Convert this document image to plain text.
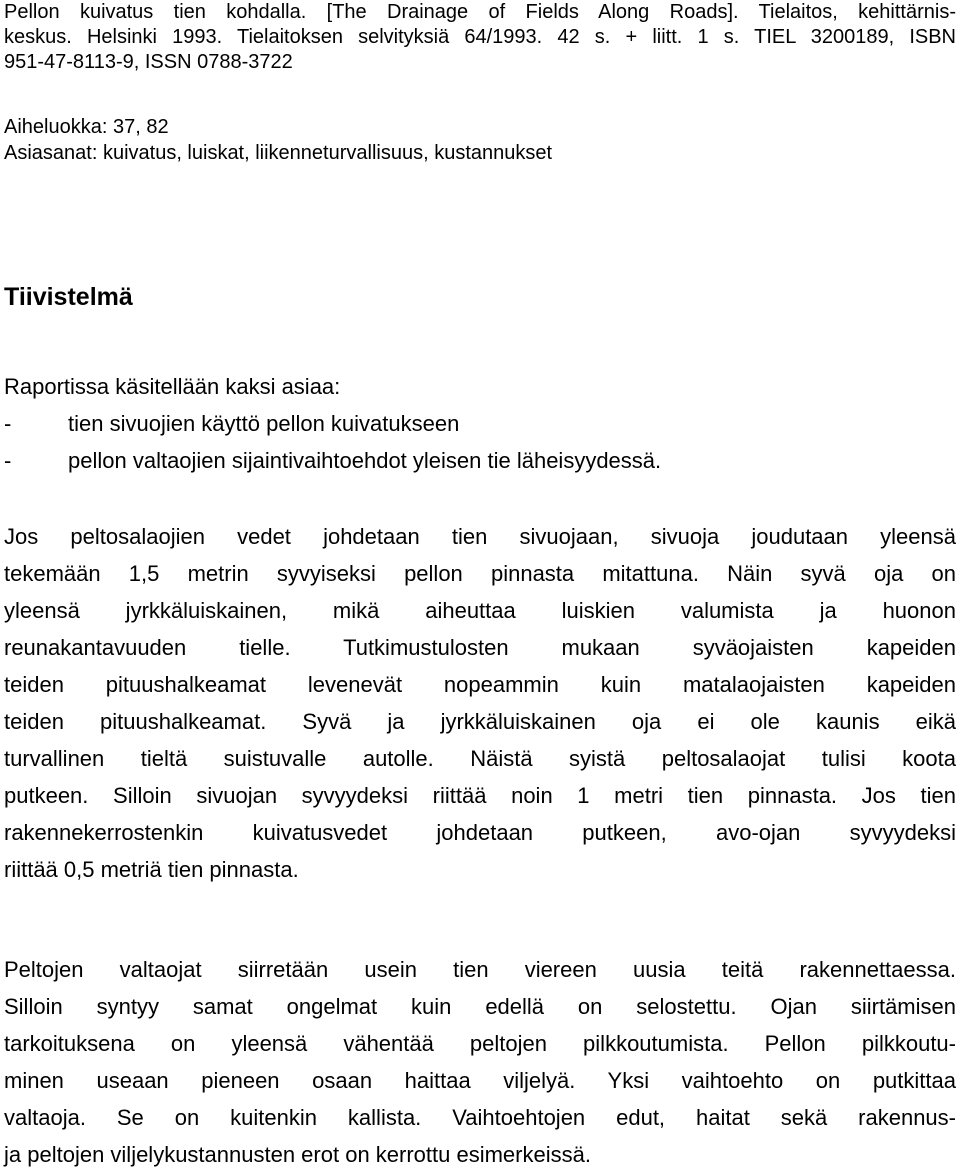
Pellon kuivatus tien kohdalla. [The Drainage of Fields Along Roads]. Tielaitos, kehittärnis-
keskus. Helsinki 1993. Tielaitoksen selvityksiä 64/1993. 42 s. + liitt. 1 s. TIEL 3200189, ISBN
951-47-8113-9, ISSN 0788-3722
Aiheluokka: 37, 82
Asiasanat: kuivatus, luiskat, liikenneturvallisuus, kustannukset
Tiivistelmä

Raportissa käsitellään kaksi asiaa:

-	tien sivuojien käyttö pellon kuivatukseen
-	pellon valtaojien sijaintivaihtoehdot yleisen tie läheisyydessä.
Jos peltosalaojien vedet johdetaan tien sivuojaan, sivuoja joudutaan yleensä
tekemään 1,5 metrin syvyiseksi pellon pinnasta mitattuna. Näin syvä oja on
yleensä jyrkkäluiskainen, mikä aiheuttaa luiskien valumista ja huonon
reunakantavuuden tielle. Tutkimustulosten mukaan syväojaisten kapeiden
teiden pituushalkeamat levenevät nopeammin kuin matalaojaisten kapeiden
teiden pituushalkeamat. Syvä ja jyrkkäluiskainen oja ei ole kaunis eikä
turvallinen tieltä suistuvalle autolle. Näistä syistä peltosalaojat tulisi koota
putkeen. Silloin sivuojan syvyydeksi riittää noin 1 metri tien pinnasta. Jos tien
rakennekerrostenkin kuivatusvedet johdetaan putkeen, avo-ojan syvyydeksi
riittää 0,5 metriä tien pinnasta.
Peltojen valtaojat siirretään usein tien viereen uusia teitä rakennettaessa.
Silloin syntyy samat ongelmat kuin edellä on selostettu. Ojan siirtämisen
tarkoituksena on yleensä vähentää peltojen pilkkoutumista. Pellon pilkkoutu-
minen useaan pieneen osaan haittaa viljelyä. Yksi vaihtoehto on putkittaa
valtaoja. Se on kuitenkin kallista. Vaihtoehtojen edut, haitat sekä rakennus-
ja peltojen viljelykustannusten erot on kerrottu esimerkeissä.
